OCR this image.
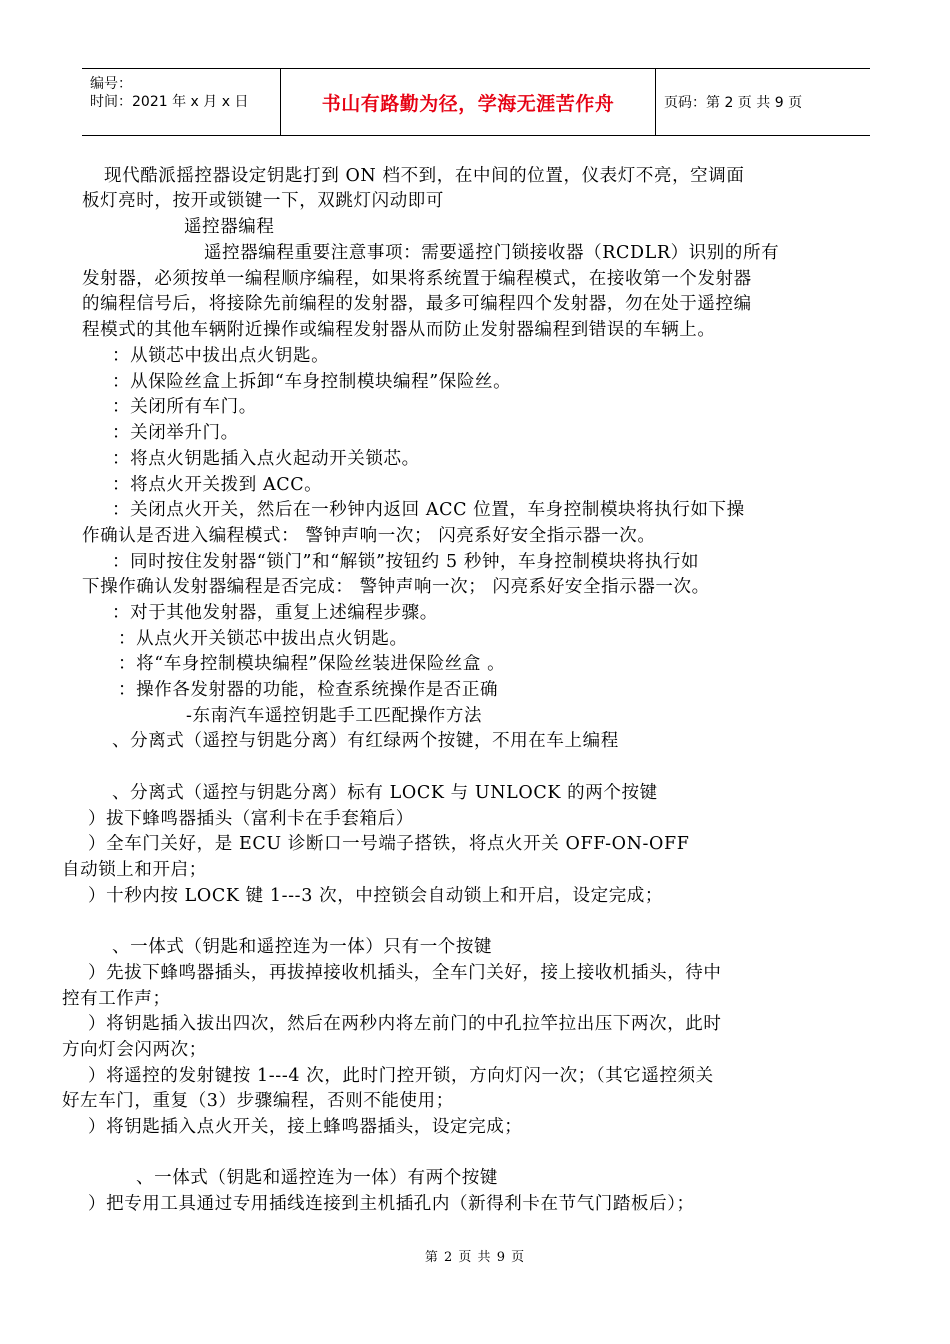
编号：
时间：2021 年 x 月 x 日	书山有路勤为径，学海无涯苦作舟	页码：第 2 页 共 9 页
现代酷派摇控器设定钥匙打到 ON 档不到，在中间的位置，仪表灯不亮，空调面
板灯亮时，按开或锁键一下，双跳灯闪动即可
遥控器编程
遥控器编程重要注意事项：需要遥控门锁接收器（RCDLR）识别的所有
发射器，必须按单一编程顺序编程，如果将系统置于编程模式，在接收第一个发射器
的编程信号后，将接除先前编程的发射器，最多可编程四个发射器，勿在处于遥控编
程模式的其他车辆附近操作或编程发射器从而防止发射器编程到错误的车辆上。
：从锁芯中拔出点火钥匙。
：从保险丝盒上拆卸“车身控制模块编程”保险丝。
：关闭所有车门。
：关闭举升门。
：将点火钥匙插入点火起动开关锁芯。
：将点火开关拨到 ACC。
：关闭点火开关，然后在一秒钟内返回 ACC 位置，车身控制模块将执行如下操
作确认是否进入编程模式： 警钟声响一次； 闪亮系好安全指示器一次。
：同时按住发射器“锁门”和“解锁”按钮约 5 秒钟，车身控制模块将执行如
下操作确认发射器编程是否完成： 警钟声响一次； 闪亮系好安全指示器一次。
：对于其他发射器，重复上述编程步骤。
：从点火开关锁芯中拔出点火钥匙。
：将“车身控制模块编程”保险丝装进保险丝盒 。
：操作各发射器的功能，检查系统操作是否正确
-东南汽车遥控钥匙手工匹配操作方法
、分离式（遥控与钥匙分离）有红绿两个按键，不用在车上编程
、分离式（遥控与钥匙分离）标有 LOCK 与 UNLOCK 的两个按键
）拔下蜂鸣器插头（富利卡在手套箱后）
）全车门关好，是 ECU 诊断口一号端子搭铁，将点火开关 OFF-ON-OFF
自动锁上和开启；
）十秒内按 LOCK 键 1---3 次，中控锁会自动锁上和开启，设定完成；
、一体式（钥匙和遥控连为一体）只有一个按键
）先拔下蜂鸣器插头，再拔掉接收机插头，全车门关好，接上接收机插头，待中
控有工作声；
）将钥匙插入拔出四次，然后在两秒内将左前门的中孔拉竿拉出压下两次，此时
方向灯会闪两次；
）将遥控的发射键按 1---4 次，此时门控开锁，方向灯闪一次；（其它遥控须关
好左车门，重复（3）步骤编程，否则不能使用；
）将钥匙插入点火开关，接上蜂鸣器插头，设定完成；
、一体式（钥匙和遥控连为一体）有两个按键
）把专用工具通过专用插线连接到主机插孔内（新得利卡在节气门踏板后）；
第 2 页 共 9 页
